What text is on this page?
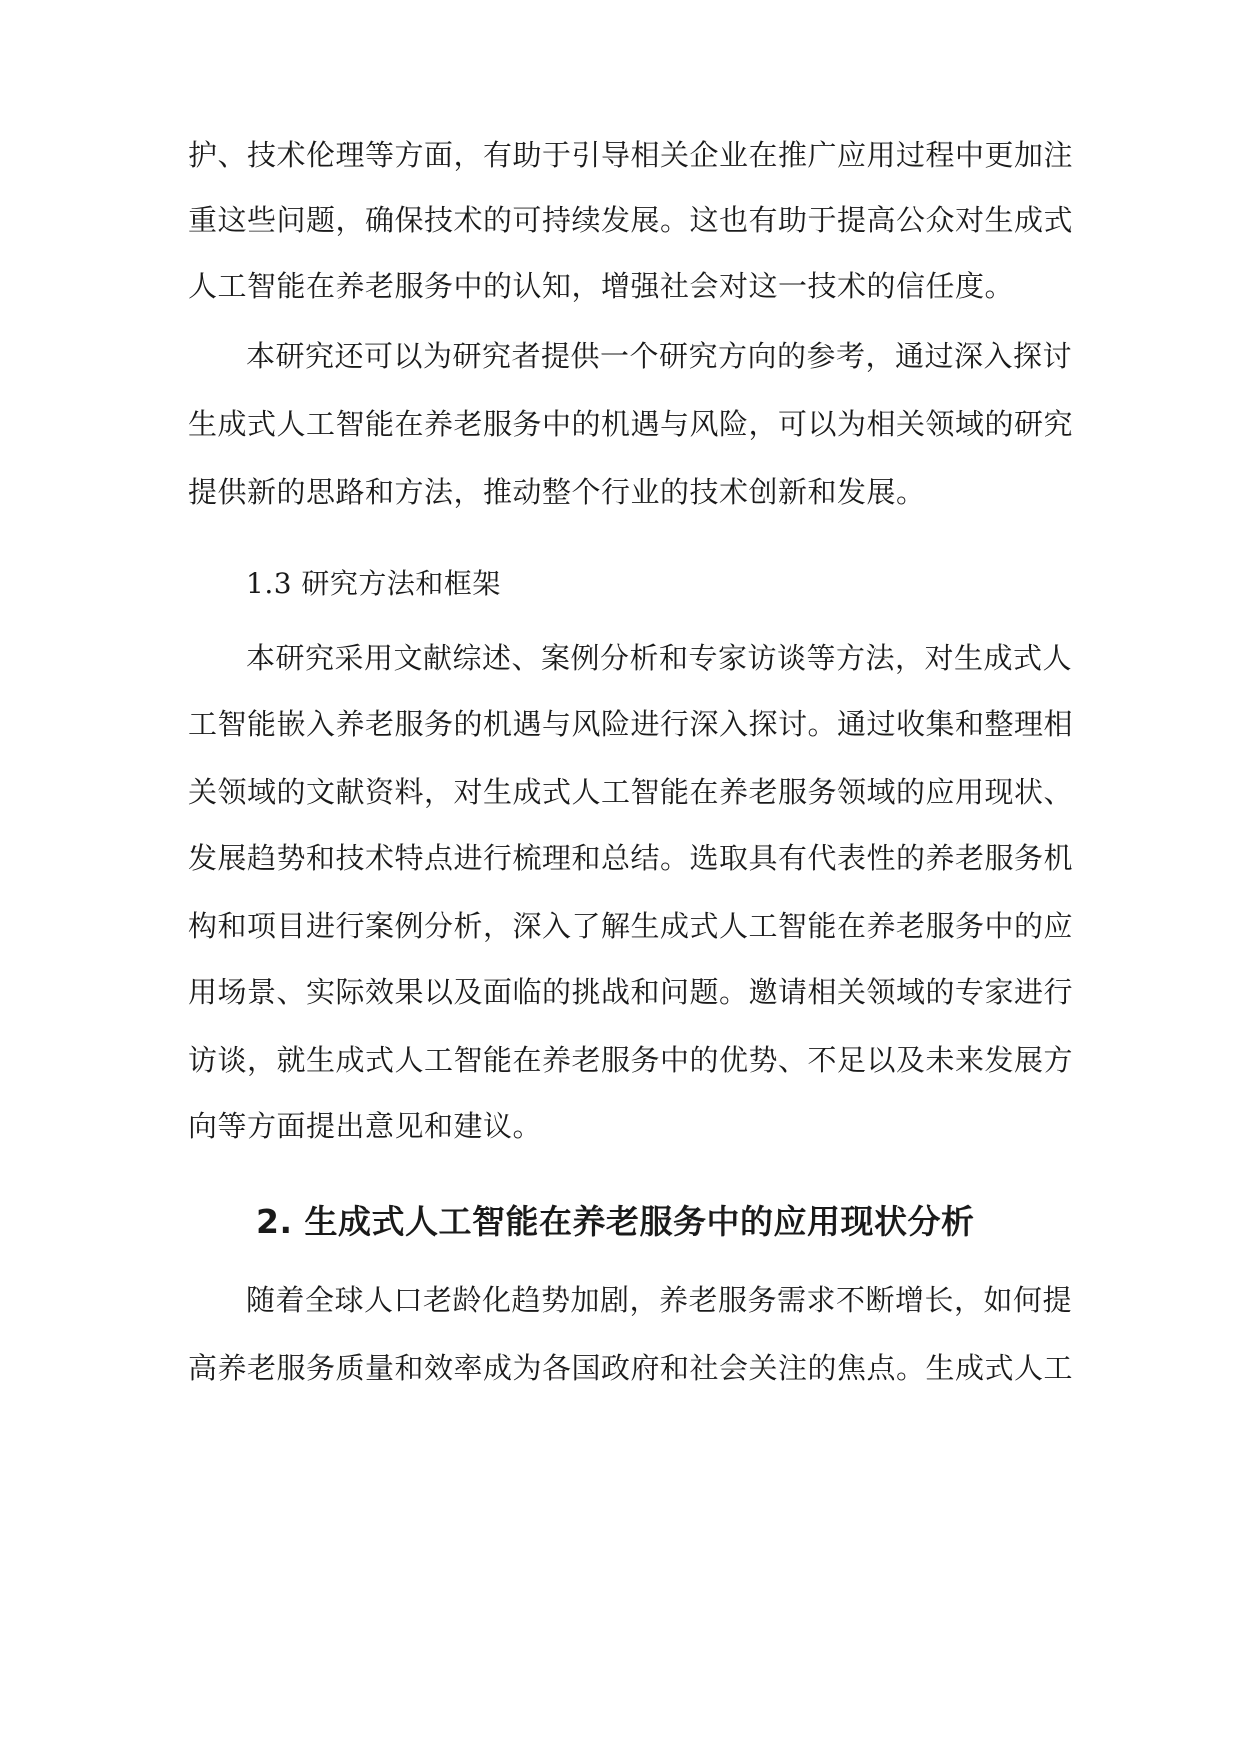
护、技术伦理等方面，有助于引导相关企业在推广应用过程中更加注
重这些问题，确保技术的可持续发展。这也有助于提高公众对生成式
人工智能在养老服务中的认知，增强社会对这一技术的信任度。
本研究还可以为研究者提供一个研究方向的参考，通过深入探讨
生成式人工智能在养老服务中的机遇与风险，可以为相关领域的研究
提供新的思路和方法，推动整个行业的技术创新和发展。
1.3 研究方法和框架
本研究采用文献综述、案例分析和专家访谈等方法，对生成式人
工智能嵌入养老服务的机遇与风险进行深入探讨。通过收集和整理相
关领域的文献资料，对生成式人工智能在养老服务领域的应用现状、
发展趋势和技术特点进行梳理和总结。选取具有代表性的养老服务机
构和项目进行案例分析，深入了解生成式人工智能在养老服务中的应
用场景、实际效果以及面临的挑战和问题。邀请相关领域的专家进行
访谈，就生成式人工智能在养老服务中的优势、不足以及未来发展方
向等方面提出意见和建议。
2. 生成式人工智能在养老服务中的应用现状分析
随着全球人口老龄化趋势加剧，养老服务需求不断增长，如何提
高养老服务质量和效率成为各国政府和社会关注的焦点。生成式人工
